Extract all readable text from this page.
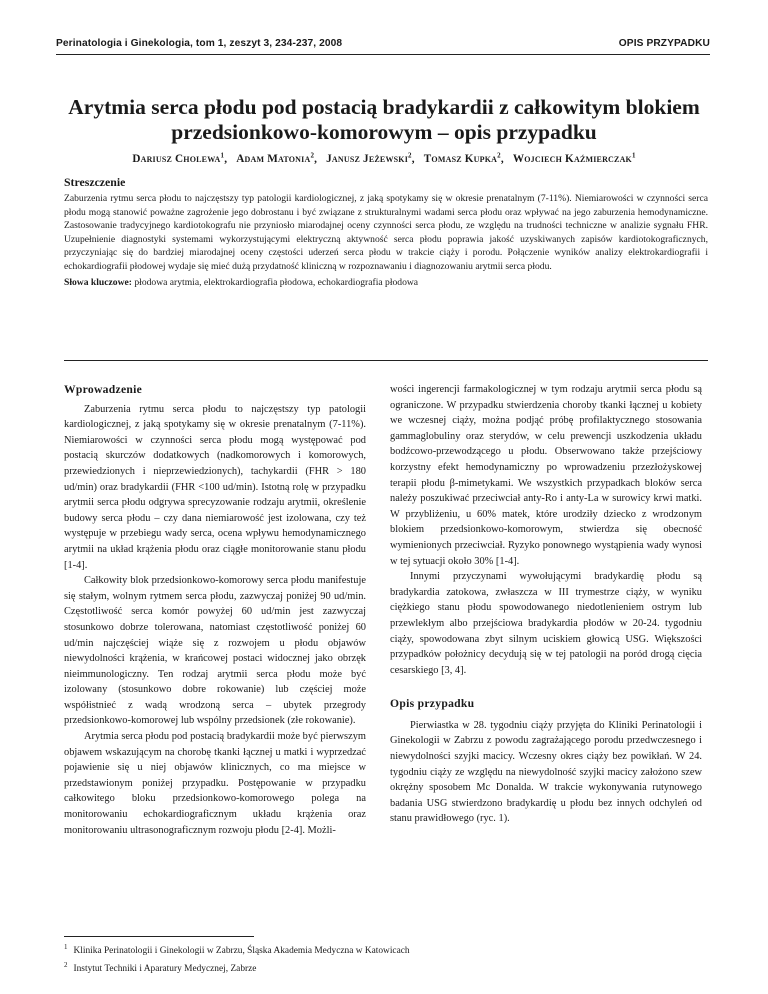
Perinatologia i Ginekologia, tom 1, zeszyt 3, 234-237, 2008	OPIS PRZYPADKU
Arytmia serca płodu pod postacią bradykardii z całkowitym blokiem
przedsionkowo-komorowym – opis przypadku
Dariusz Cholewa$^1$, Adam Matonia$^2$, Janusz Jeżewski$^2$, Tomasz Kupka$^2$, Wojciech Kaźmierczak$^1$
Streszczenie

Zaburzenia rytmu serca płodu to najczęstszy typ patologii kardiologicznej, z jaką spotykamy się w okresie prenatalnym (7-11%). Niemiarowości w czynności serca płodu mogą stanowić poważne zagrożenie jego dobrostanu i być związane z strukturalnymi wadami serca płodu oraz wpływać na jego zaburzenia hemodynamiczne. Zastosowanie tradycyjnego kardiotokografu nie przyniosło miarodajnej oceny czynności serca płodu, ze względu na trudności techniczne w analizie sygnału FHR. Uzupełnienie diagnostyki systemami wykorzystującymi elektryczną aktywność serca płodu poprawia jakość uzyskiwanych zapisów kardiotokograficznych, przyczyniając się do bardziej miarodajnej oceny częstości uderzeń serca płodu w trakcie ciąży i porodu. Połączenie wyników analizy elektrokardiografii i echokardiografii płodowej wydaje się mieć dużą przydatność kliniczną w rozpoznawaniu i diagnozowaniu arytmii serca płodu.

Słowa kluczowe: płodowa arytmia, elektrokardiografia płodowa, echokardiografia płodowa
Wprowadzenie

Zaburzenia rytmu serca płodu to najczęstszy typ patologii kardiologicznej, z jaką spotykamy się w okresie prenatalnym (7-11%). Niemiarowości w czynności serca płodu mogą występować pod postacią skurczów dodatkowych (nadkomorowych i komorowych, przewiedzionych i nieprzewiedzionych), tachykardii (FHR > 180 ud/min) oraz bradykardii (FHR <100 ud/min). Istotną rolę w przypadku arytmii serca płodu odgrywa sprecyzowanie rodzaju arytmii, określenie budowy serca płodu – czy dana niemiarowość jest izolowana, czy też występuje w przebiegu wady serca, ocena wpływu hemodynamicznego arytmii na układ krążenia płodu oraz ciągłe monitorowanie stanu płodu [1-4].

Całkowity blok przedsionkowo-komorowy serca płodu manifestuje się stałym, wolnym rytmem serca płodu, zazwyczaj poniżej 90 ud/min. Częstotliwość serca komór powyżej 60 ud/min jest zazwyczaj stosunkowo dobrze tolerowana, natomiast częstotliwość poniżej 60 ud/min najczęściej wiąże się z rozwojem u płodu objawów niewydolności krążenia, w krańcowej postaci widocznej jako obrzęk nieimmunologiczny. Ten rodzaj arytmii serca płodu może być izolowany (stosunkowo dobre rokowanie) lub częściej może współistnieć z wadą wrodzoną serca – ubytek przegrody przedsionkowo-komorowej lub wspólny przedsionek (złe rokowanie).

Arytmia serca płodu pod postacią bradykardii może być pierwszym objawem wskazującym na chorobę tkanki łącznej u matki i wyprzedzać pojawienie się u niej objawów klinicznych, co ma miejsce w przedstawionym poniżej przypadku. Postępowanie w przypadku całkowitego bloku przedsionkowo-komorowego polega na monitorowaniu echokardiograficznym układu krążenia oraz monitorowaniu ultrasonograficznym rozwoju płodu [2-4]. Możli-

wości ingerencji farmakologicznej w tym rodzaju arytmii serca płodu są ograniczone. W przypadku stwierdzenia choroby tkanki łącznej u kobiety we wczesnej ciąży, można podjąć próbę profilaktycznego stosowania gammaglobuliny oraz sterydów, w celu prewencji uszkodzenia układu bodźcowo-przewodzącego u płodu. Obserwowano także przejściowy korzystny efekt hemodynamiczny po wprowadzeniu przezłożyskowej terapii płodu β-mimetykami. We wszystkich przypadkach bloków serca należy poszukiwać przeciwciał anty-Ro i anty-La w surowicy krwi matki. W przybliżeniu, u 60% matek, które urodziły dziecko z wrodzonym blokiem przedsionkowo-komorowym, stwierdza się obecność wymienionych przeciwciał. Ryzyko ponownego wystąpienia wady wynosi w tej sytuacji około 30% [1-4].

Innymi przyczynami wywołującymi bradykardię płodu są bradykardia zatokowa, zwłaszcza w III trymestrze ciąży, w wyniku ciężkiego stanu płodu spowodowanego niedotlenieniem ostrym lub przewlekłym albo przejściowa bradykardia płodów w 20-24. tygodniu ciąży, spowodowana zbyt silnym uciskiem głowicą USG. Większości przypadków położnicy decydują się w tej patologii na poród drogą cięcia cesarskiego [3, 4].

Opis przypadku

Pierwiastka w 28. tygodniu ciąży przyjęta do Kliniki Perinatologii i Ginekologii w Zabrzu z powodu zagrażającego porodu przedwczesnego i niewydolności szyjki macicy. Wczesny okres ciąży bez powikłań. W 24. tygodniu ciąży ze względu na niewydolność szyjki macicy założono szew okrężny sposobem Mc Donalda. W trakcie wykonywania rutynowego badania USG stwierdzono bradykardię u płodu bez innych odchyleń od stanu prawidłowego (ryc. 1).

$^1$ Klinika Perinatologii i Ginekologii w Zabrzu, Śląska Akademia Medyczna w Katowicach
$^2$ Instytut Techniki i Aparatury Medycznej, Zabrze
